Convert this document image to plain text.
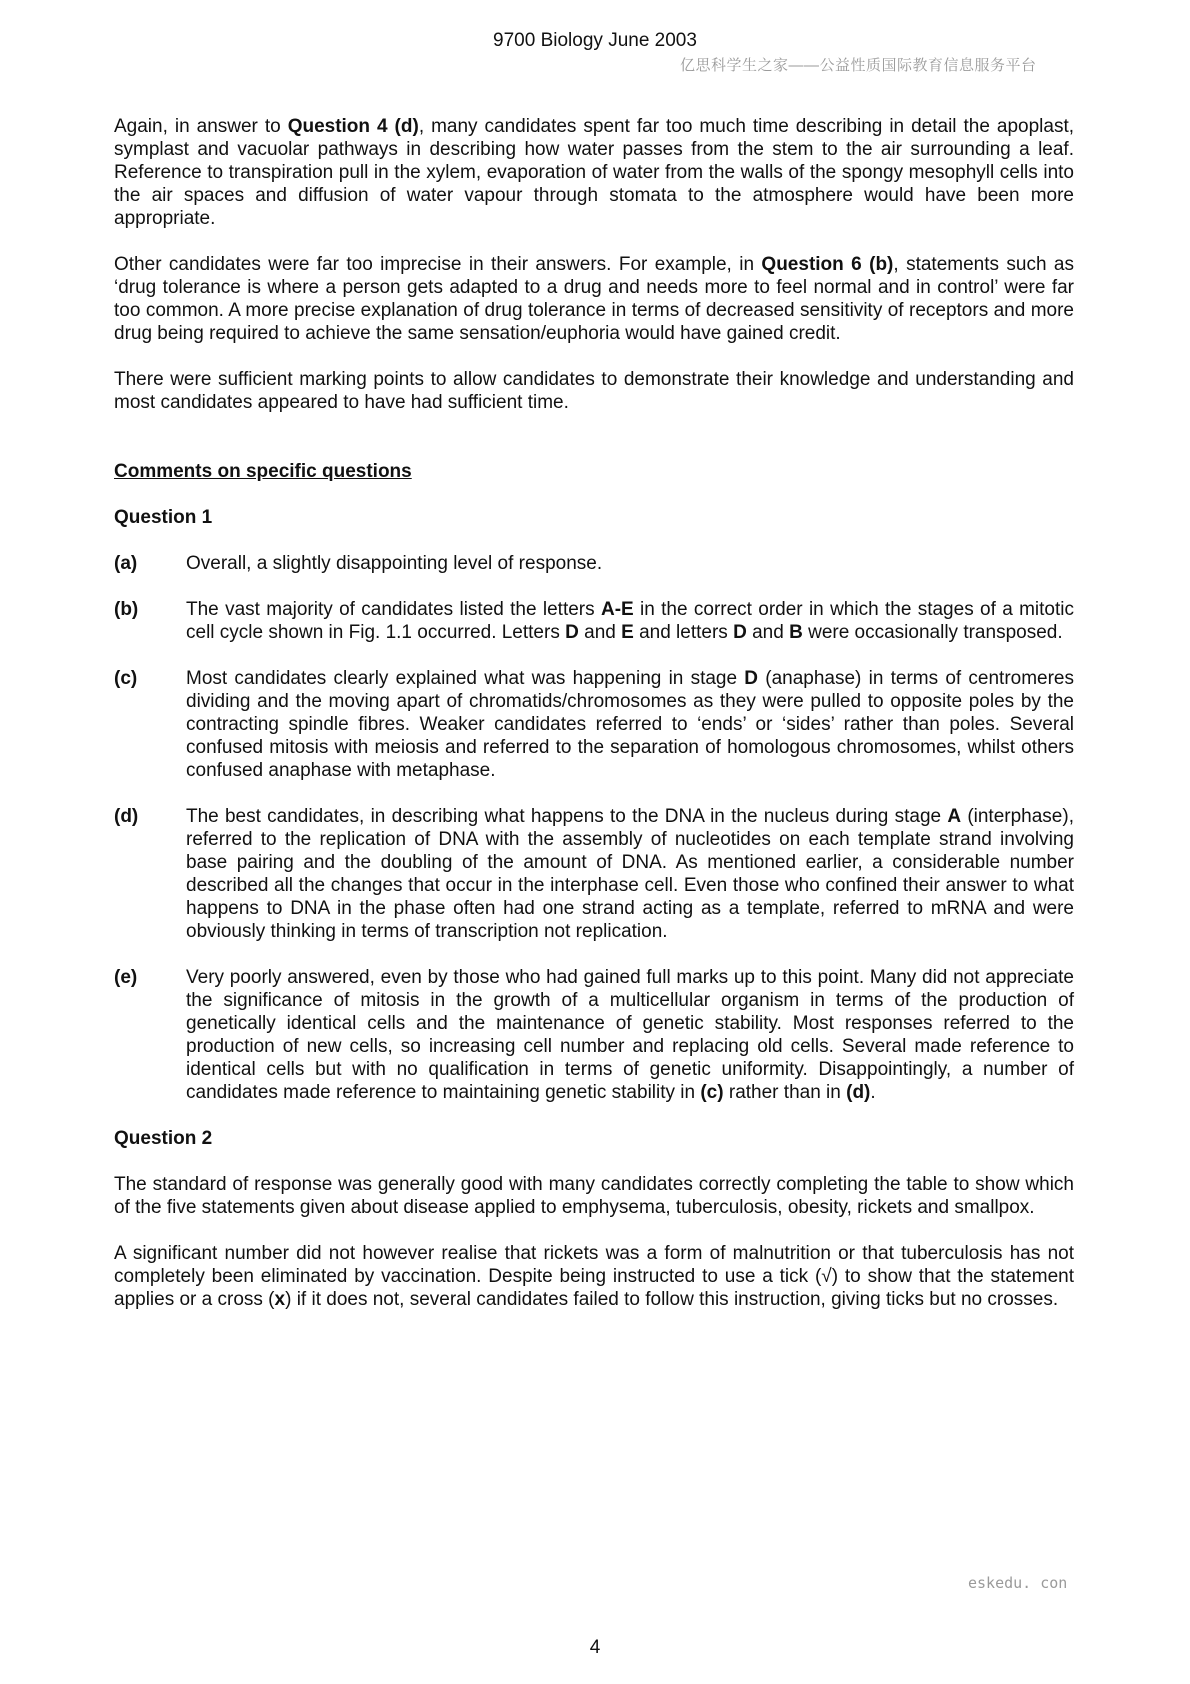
9700 Biology June 2003
亿思科学生之家——公益性质国际教育信息服务平台

Again, in answer to Question 4 (d), many candidates spent far too much time describing in detail the apoplast, symplast and vacuolar pathways in describing how water passes from the stem to the air surrounding a leaf. Reference to transpiration pull in the xylem, evaporation of water from the walls of the spongy mesophyll cells into the air spaces and diffusion of water vapour through stomata to the atmosphere would have been more appropriate.

Other candidates were far too imprecise in their answers. For example, in Question 6 (b), statements such as ‘drug tolerance is where a person gets adapted to a drug and needs more to feel normal and in control’ were far too common. A more precise explanation of drug tolerance in terms of decreased sensitivity of receptors and more drug being required to achieve the same sensation/euphoria would have gained credit.

There were sufficient marking points to allow candidates to demonstrate their knowledge and understanding and most candidates appeared to have had sufficient time.

Comments on specific questions
Question 1
(a)	Overall, a slightly disappointing level of response.
(b)	The vast majority of candidates listed the letters A-E in the correct order in which the stages of a mitotic cell cycle shown in Fig. 1.1 occurred. Letters D and E and letters D and B were occasionally transposed.
(c)	Most candidates clearly explained what was happening in stage D (anaphase) in terms of centromeres dividing and the moving apart of chromatids/chromosomes as they were pulled to opposite poles by the contracting spindle fibres. Weaker candidates referred to ‘ends’ or ‘sides’ rather than poles. Several confused mitosis with meiosis and referred to the separation of homologous chromosomes, whilst others confused anaphase with metaphase.
(d)	The best candidates, in describing what happens to the DNA in the nucleus during stage A (interphase), referred to the replication of DNA with the assembly of nucleotides on each template strand involving base pairing and the doubling of the amount of DNA. As mentioned earlier, a considerable number described all the changes that occur in the interphase cell. Even those who confined their answer to what happens to DNA in the phase often had one strand acting as a template, referred to mRNA and were obviously thinking in terms of transcription not replication.
(e)	Very poorly answered, even by those who had gained full marks up to this point. Many did not appreciate the significance of mitosis in the growth of a multicellular organism in terms of the production of genetically identical cells and the maintenance of genetic stability. Most responses referred to the production of new cells, so increasing cell number and replacing old cells. Several made reference to identical cells but with no qualification in terms of genetic uniformity. Disappointingly, a number of candidates made reference to maintaining genetic stability in (c) rather than in (d).
Question 2

The standard of response was generally good with many candidates correctly completing the table to show which of the five statements given about disease applied to emphysema, tuberculosis, obesity, rickets and smallpox.

A significant number did not however realise that rickets was a form of malnutrition or that tuberculosis has not completely been eliminated by vaccination. Despite being instructed to use a tick (√) to show that the statement applies or a cross (x) if it does not, several candidates failed to follow this instruction, giving ticks but no crosses.

eskedu. con
4
